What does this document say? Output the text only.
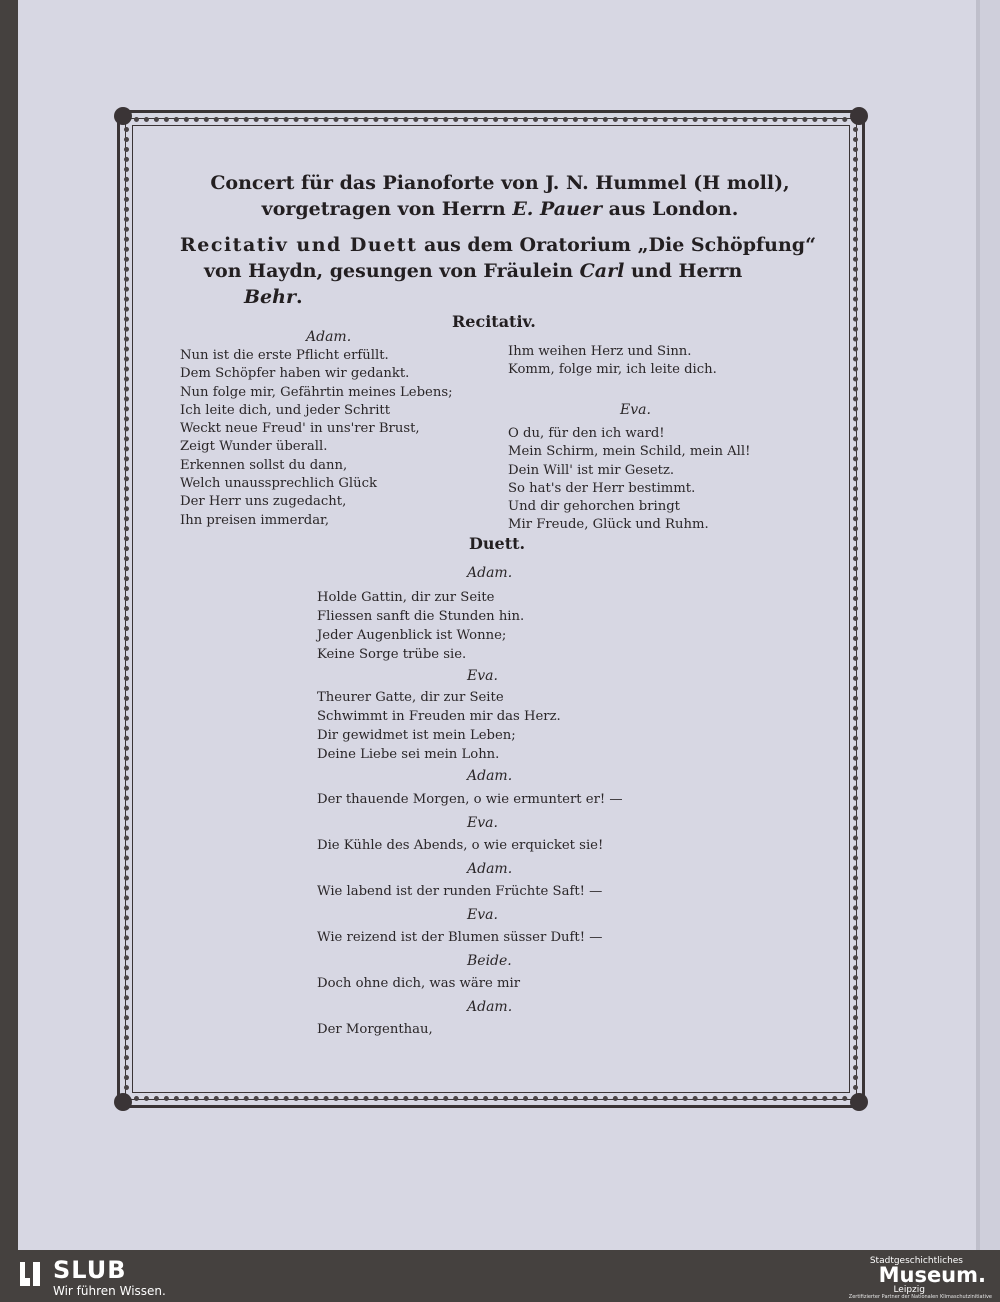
Concert für das Pianoforte von J. N. Hummel (H moll),
vorgetragen von Herrn E. Pauer aus London.
Recitativ und Duett aus dem Oratorium „Die Schöpfung“
von Haydn, gesungen von Fräulein Carl und Herrn
Behr.
Recitativ.
Adam.
Nun ist die erste Pflicht erfüllt.
Dem Schöpfer haben wir gedankt.
Nun folge mir, Gefährtin meines Lebens;
Ich leite dich, und jeder Schritt
Weckt neue Freud' in uns'rer Brust,
Zeigt Wunder überall.
Erkennen sollst du dann,
Welch unaussprechlich Glück
Der Herr uns zugedacht,
Ihn preisen immerdar,
Ihm weihen Herz und Sinn.
Komm, folge mir, ich leite dich.
Eva.
O du, für den ich ward!
Mein Schirm, mein Schild, mein All!
Dein Will' ist mir Gesetz.
So hat's der Herr bestimmt.
Und dir gehorchen bringt
Mir Freude, Glück und Ruhm.
Duett.
Adam.
Holde Gattin, dir zur Seite
Fliessen sanft die Stunden hin.
Jeder Augenblick ist Wonne;
Keine Sorge trübe sie.
Eva.
Theurer Gatte, dir zur Seite
Schwimmt in Freuden mir das Herz.
Dir gewidmet ist mein Leben;
Deine Liebe sei mein Lohn.
Adam.
Der thauende Morgen, o wie ermuntert er! —
Eva.
Die Kühle des Abends, o wie erquicket sie!
Adam.
Wie labend ist der runden Früchte Saft! —
Eva.
Wie reizend ist der Blumen süsser Duft! —
Beide.
Doch ohne dich, was wäre mir
Adam.
Der Morgenthau,
SLUB
Wir führen Wissen.
Stadtgeschichtliches
Museum.
Leipzig
Zertifizierter Partner der Nationalen Klimaschutzinitiative
